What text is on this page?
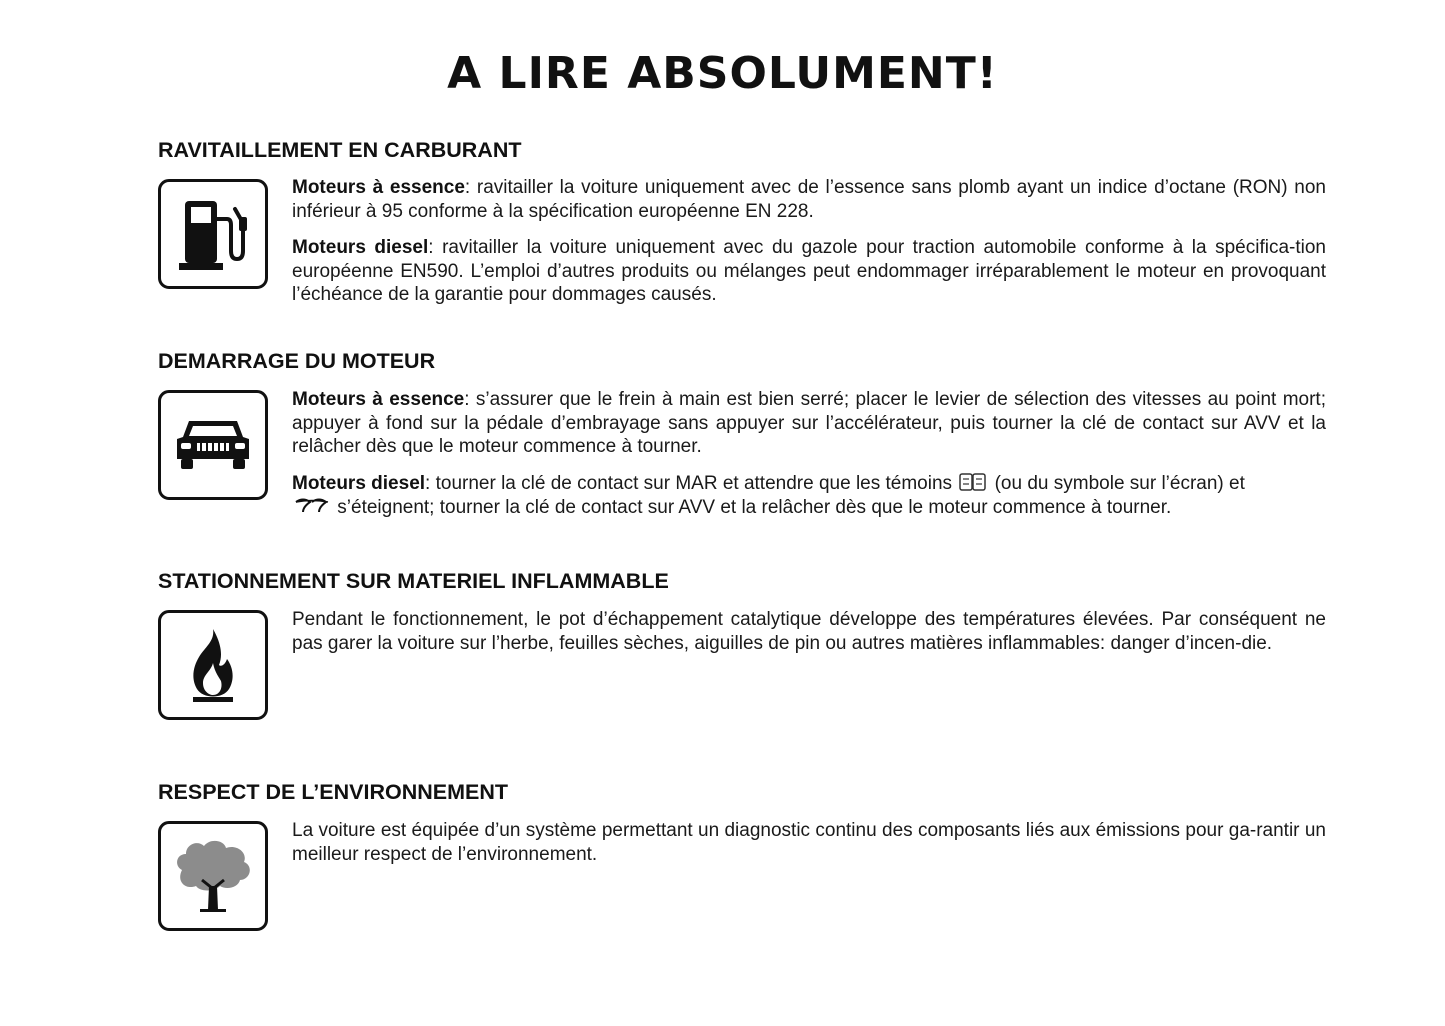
A LIRE ABSOLUMENT!
RAVITAILLEMENT EN CARBURANT

Moteurs à essence: ravitailler la voiture uniquement avec de l’essence sans plomb ayant un indice d’octane (RON) non inférieur à 95 conforme à la spécification européenne EN 228.

Moteurs diesel: ravitailler la voiture uniquement avec du gazole pour traction automobile conforme à la spécifica-tion européenne EN590. L’emploi d’autres produits ou mélanges peut endommager irréparablement le moteur en provoquant l’échéance de la garantie pour dommages causés.

DEMARRAGE DU MOTEUR

Moteurs à essence: s’assurer que le frein à main est bien serré; placer le levier de sélection des vitesses au point mort; appuyer à fond sur la pédale d’embrayage sans appuyer sur l’accélérateur, puis tourner la clé de contact sur AVV et la relâcher dès que le moteur commence à tourner.

Moteurs diesel: tourner la clé de contact sur MAR et attendre que les témoins (ou du symbole sur l’écran) et
s’éteignent; tourner la clé de contact sur AVV et la relâcher dès que le moteur commence à tourner.

STATIONNEMENT SUR MATERIEL INFLAMMABLE

Pendant le fonctionnement, le pot d’échappement catalytique développe des températures élevées. Par conséquent ne pas garer la voiture sur l’herbe, feuilles sèches, aiguilles de pin ou autres matières inflammables: danger d’incen-die.

RESPECT DE L’ENVIRONNEMENT

La voiture est équipée d’un système permettant un diagnostic continu des composants liés aux émissions pour ga-rantir un meilleur respect de l’environnement.
